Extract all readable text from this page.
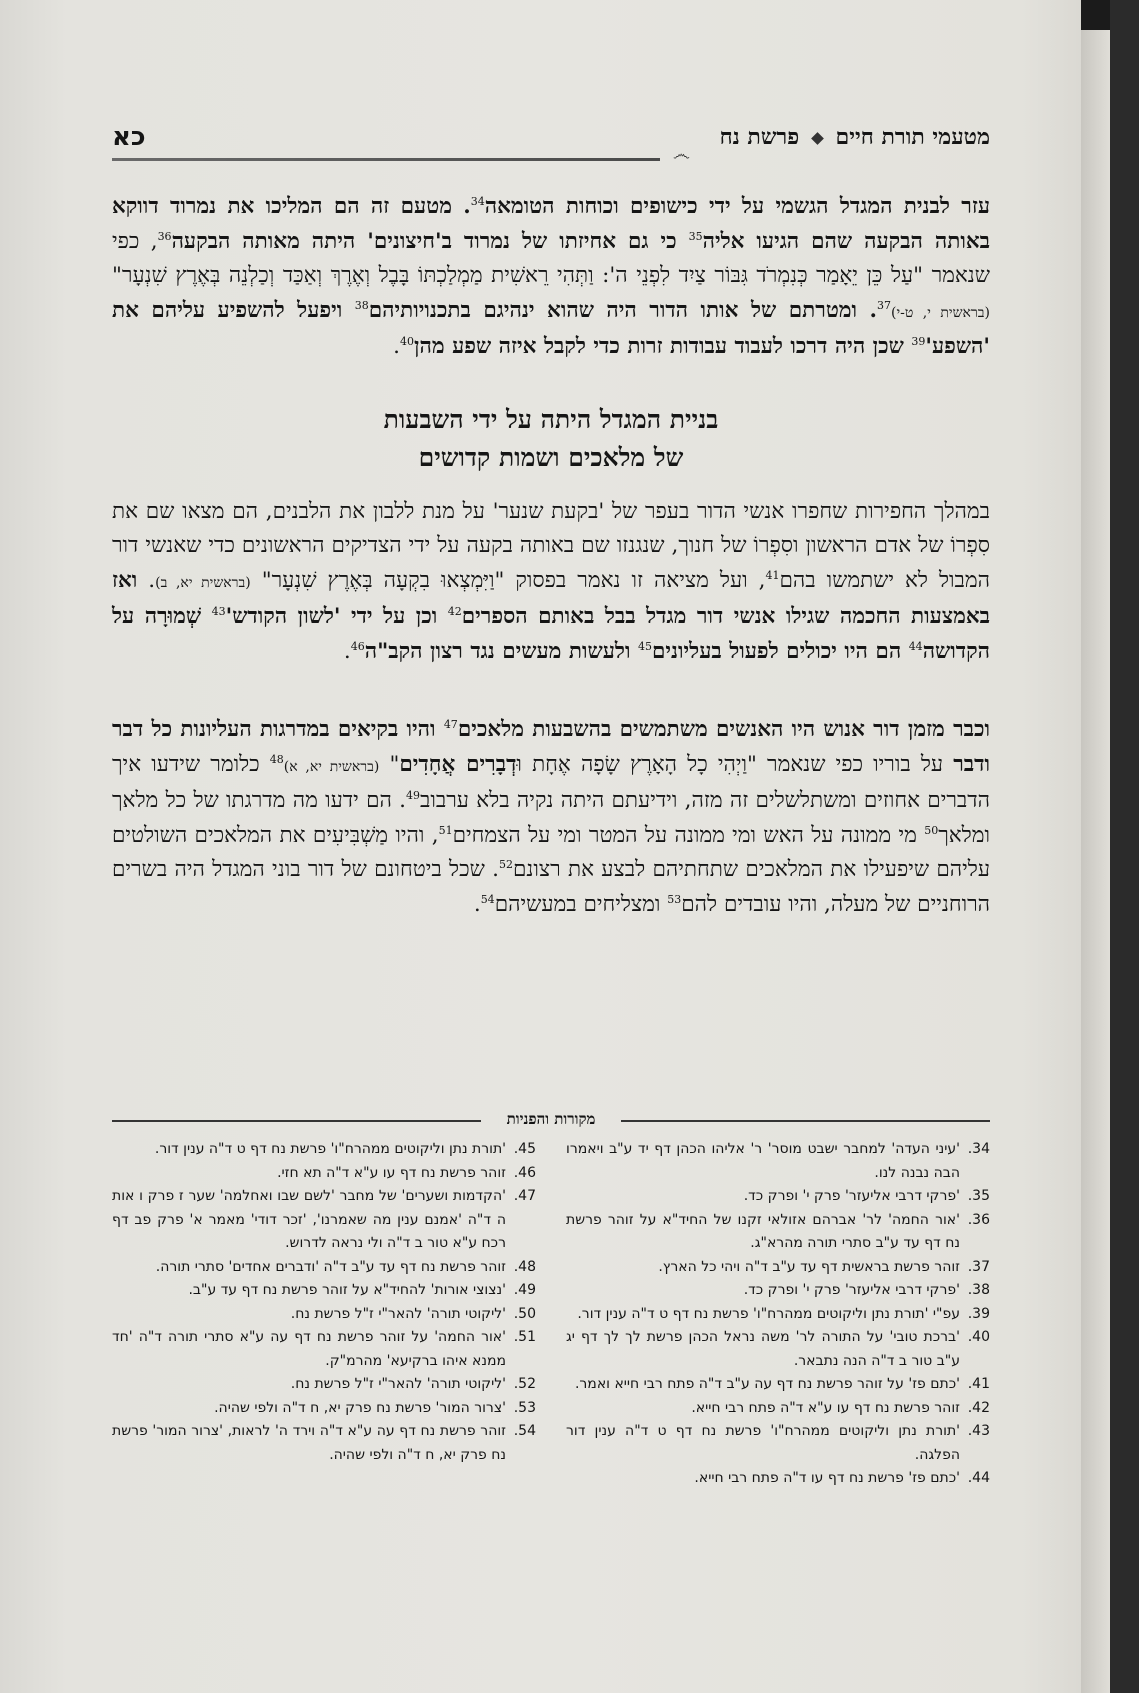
מטעמי תורת חיים  פרשת נח
෴
כא

עזר לבנית המגדל הגשמי על ידי כישופים וכוחות הטומאה$^{34}$. מטעם זה הם המליכו את נמרוד דווקא באותה הבקעה שהם הגיעו אליה$^{35}$ כי גם אחיזתו של נמרוד ב'חיצונים' היתה מאותה הבקעה$^{36}$, כפי שנאמר "עַל כֵּן יֵאָמַר כְּנִמְרֹד גִּבּוֹר צַיִד לִפְנֵי ה': וַתְּהִי רֵאשִׁית מַמְלַכְתּוֹ בָּבֶל וְאֶרֶךְ וְאַכַּד וְכַלְנֵה בְּאֶרֶץ שִׁנְעָר" (בראשית י, ט-י)$^{37}$. ומטרתם של אותו הדור היה שהוא ינהיגם בתכנויותיהם$^{38}$ ויפעל להשפיע עליהם את '$השפע'^{39}$ שכן היה דרכו לעבוד עבודות זרות כדי לקבל איזה שפע מהן$^{40}$.

בניית המגדל היתה על ידי השבעות
של מלאכים ושמות קדושים

במהלך החפירות שחפרו אנשי הדור בעפר של 'בקעת שנער' על מנת ללבון את הלבנים, הם מצאו שם את סִפְרוֹ של אדם הראשון וסִפְרוֹ של חנוך, שנגנזו שם באותה בקעה על ידי הצדיקים הראשונים כדי שאנשי דור המבול לא ישתמשו בהם$^{41}$, ועל מציאה זו נאמר בפסוק "וַיִּמְצְאוּ בִקְעָה בְּאֶרֶץ שִׁנְעָר" (בראשית יא, ב). ואז באמצעות החכמה שגילו אנשי דור מגדל בבל באותם הספרים$^{42}$ וכן על ידי 'לשון $הקודש'^{43}$ שְׁמוּרָה על הקדושה$^{44}$ הם היו יכולים לפעול בעליונים$^{45}$ ולעשות מעשים נגד רצון הקב"ה$^{46}$.

וכבר מזמן דור אנוש היו האנשים משתמשים בהשבעות מלאכים$^{47}$ והיו בקיאים במדרגות העליונות כל דבר ודבר על בוריו כפי שנאמר "וַיְהִי כָל הָאָרֶץ שָׂפָה אֶחָת וּדְבָרִים אֲחָדִים" (בראשית יא, א)$^{48}$ כלומר שידעו איך הדברים אחוזים ומשתלשלים זה מזה, וידיעתם היתה נקיה בלא ערבוב$^{49}$. הם ידעו מה מדרגתו של כל מלאך ומלאך$^{50}$ מי ממונה על האש ומי ממונה על המטר ומי על הצמחים$^{51}$, והיו מַשְׁבִּיעִים את המלאכים השולטים עליהם שיפעילו את המלאכים שתחתיהם לבצע את רצונם$^{52}$. שכל ביטחונם של דור בוני המגדל היה בשרים הרוחניים של מעלה, והיו עובדים להם$^{53}$ ומצליחים במעשיהם$^{54}$.

מקורות והפניות
34.'עיני העדה' למחבר ישבט מוסר' ר' אליהו הכהן דף יד ע"ב ויאמרו הבה נבנה לנו.
35.'פרקי דרבי אליעזר' פרק י' ופרק כד.
36.'אור החמה' לר' אברהם אזולאי זקנו של החיד"א על זוהר פרשת נח דף עד ע"ב סתרי תורה מהרא"ג.
37.זוהר פרשת בראשית דף עד ע"ב ד"ה ויהי כל הארץ.
38.'פרקי דרבי אליעזר' פרק י' ופרק כד.
39.עפ"י 'תורת נתן וליקוטים ממהרח"ו' פרשת נח דף ט ד"ה ענין דור.
40.'ברכת טובי' על התורה לר' משה נראל הכהן פרשת לך לך דף יג ע"ב טור ב ד"ה הנה נתבאר.
41.'כתם פז' על זוהר פרשת נח דף עה ע"ב ד"ה פתח רבי חייא ואמר.
42.זוהר פרשת נח דף עו ע"א ד"ה פתח רבי חייא.
43.'תורת נתן וליקוטים ממהרח"ו' פרשת נח דף ט ד"ה ענין דור הפלגה.
44.'כתם פז' פרשת נח דף עו ד"ה פתח רבי חייא.
45.'תורת נתן וליקוטים ממהרח"ו' פרשת נח דף ט ד"ה ענין דור.
46.זוהר פרשת נח דף עו ע"א ד"ה תא חזי.
47.'הקדמות ושערים' של מחבר 'לשם שבו ואחלמה' שער ז פרק ו אות ה ד"ה 'אמנם ענין מה שאמרנו', 'זכר דודי' מאמר א' פרק פב דף רכח ע"א טור ב ד"ה ולי נראה לדרוש.
48.זוהר פרשת נח דף עד ע"ב ד"ה 'ודברים אחדים' סתרי תורה.
49.'נצוצי אורות' להחיד"א על זוהר פרשת נח דף עד ע"ב.
50.'ליקוטי תורה' להאר"י ז"ל פרשת נח.
51.'אור החמה' על זוהר פרשת נח דף עה ע"א סתרי תורה ד"ה 'חד ממנא איהו ברקיעא' מהרמ"ק.
52.'ליקוטי תורה' להאר"י ז"ל פרשת נח.
53.'צרור המור' פרשת נח פרק יא, ח ד"ה ולפי שהיה.
54.זוהר פרשת נח דף עה ע"א ד"ה וירד ה' לראות, 'צרור המור' פרשת נח פרק יא, ח ד"ה ולפי שהיה.
